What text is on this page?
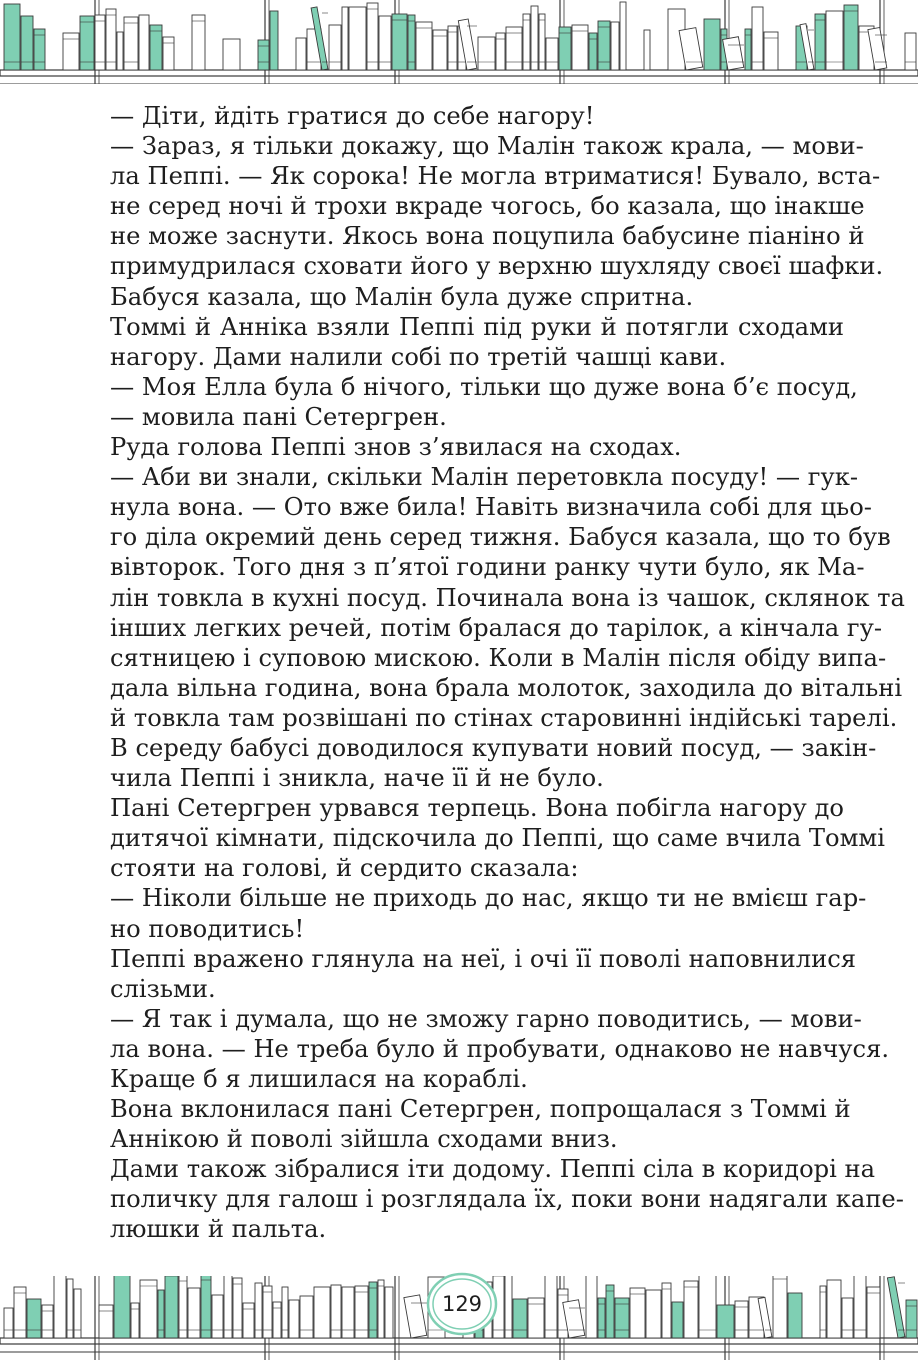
— Діти, йдіть гратися до себе нагору!

— Зараз, я тільки докажу, що Малін також крала, — мови-
ла Пеппі. — Як сорока! Не могла втриматися! Бувало, вста-
не серед ночі й трохи вкраде чогось, бо казала, що інакше
не може заснути. Якось вона поцупила бабусине піаніно й
примудрилася сховати його у верхню шухляду своєї шафки.
Бабуся казала, що Малін була дуже спритна.

Томмі й Анніка взяли Пеппі під руки й потягли сходами
нагору. Дами налили собі по третій чашці кави.

— Моя Елла була б нічого, тільки що дуже вона б’є посуд,
— мовила пані Сетергрен.

Руда голова Пеппі знов з’явилася на сходах.

— Аби ви знали, скільки Малін перетовкла посуду! — гук-
нула вона. — Ото вже била! Навіть визначила собі для цьо-
го діла окремий день серед тижня. Бабуся казала, що то був
вівторок. Того дня з п’ятої години ранку чути було, як Ма-
лін товкла в кухні посуд. Починала вона із чашок, склянок та
інших легких речей, потім бралася до тарілок, а кінчала гу-
сятницею і суповою мискою. Коли в Малін після обіду випа-
дала вільна година, вона брала молоток, заходила до вітальні
й товкла там розвішані по стінах старовинні індійські тарелі.
В середу бабусі доводилося купувати новий посуд, — закін-
чила Пеппі і зникла, наче її й не було.

Пані Сетергрен урвався терпець. Вона побігла нагору до
дитячої кімнати, підскочила до Пеппі, що саме вчила Томмі
стояти на голові, й сердито сказала:

— Ніколи більше не приходь до нас, якщо ти не вмієш гар-
но поводитись!

Пеппі вражено глянула на неї, і очі її поволі наповнилися
слізьми.

— Я так і думала, що не зможу гарно поводитись, — мови-
ла вона. — Не треба було й пробувати, однаково не навчуся.
Краще б я лишилася на кораблі.

Вона вклонилася пані Сетергрен, попрощалася з Томмі й
Аннікою й поволі зійшла сходами вниз.

Дами також зібралися іти додому. Пеппі сіла в коридорі на
поличку для галош і розглядала їх, поки вони надягали капе-
люшки й пальта.

129
